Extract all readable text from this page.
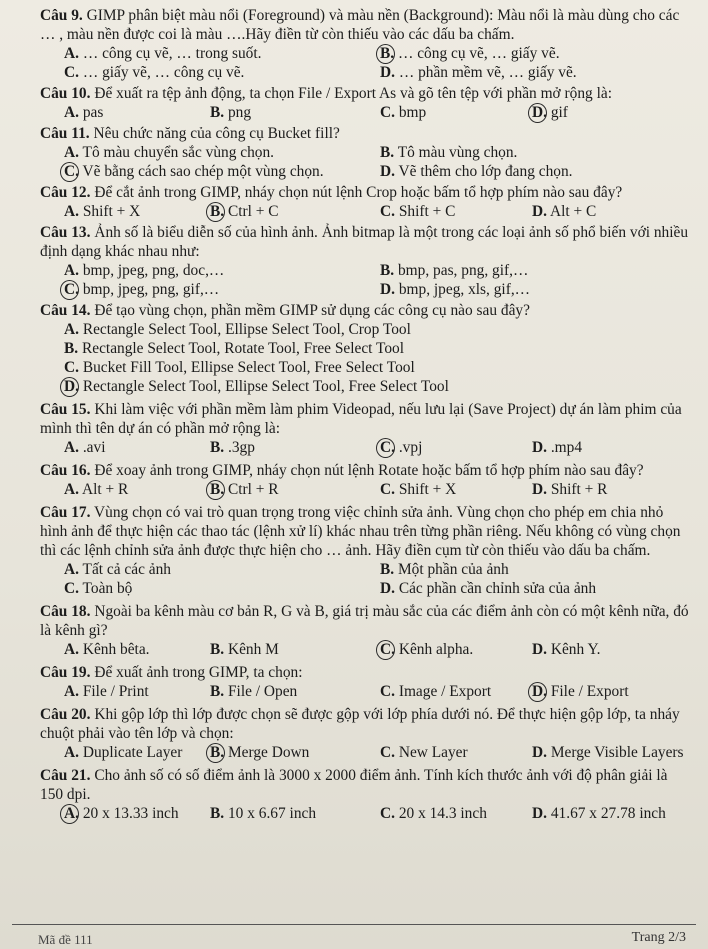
Câu 9. GIMP phân biệt màu nổi (Foreground) và màu nền (Background): Màu nổi là màu dùng cho các … , màu nền được coi là màu ….Hãy điền từ còn thiếu vào các dấu ba chấm.

A. … công cụ vẽ, … trong suốt.	B. … công cụ vẽ, … giấy vẽ.
C. … giấy vẽ, … công cụ vẽ.	D. … phần mềm vẽ, … giấy vẽ.

Câu 10. Để xuất ra tệp ảnh động, ta chọn File / Export As và gõ tên tệp với phần mở rộng là:

A. pas	B. png	C. bmp	D. gif

Câu 11. Nêu chức năng của công cụ Bucket fill?

A. Tô màu chuyển sắc vùng chọn.	B. Tô màu vùng chọn.
C. Vẽ bằng cách sao chép một vùng chọn.	D. Vẽ thêm cho lớp đang chọn.

Câu 12. Để cắt ảnh trong GIMP, nháy chọn nút lệnh Crop hoặc bấm tổ hợp phím nào sau đây?

A. Shift + X	B. Ctrl + C	C. Shift + C	D. Alt + C

Câu 13. Ảnh số là biểu diễn số của hình ảnh. Ảnh bitmap là một trong các loại ảnh số phổ biến với nhiều định dạng khác nhau như:

A. bmp, jpeg, png, doc,…	B. bmp, pas, png, gif,…
C. bmp, jpeg, png, gif,…	D. bmp, jpeg, xls, gif,…

Câu 14. Để tạo vùng chọn, phần mềm GIMP sử dụng các công cụ nào sau đây?

A. Rectangle Select Tool, Ellipse Select Tool, Crop Tool
B. Rectangle Select Tool, Rotate Tool, Free Select Tool
C. Bucket Fill Tool, Ellipse Select Tool, Free Select Tool
D. Rectangle Select Tool, Ellipse Select Tool, Free Select Tool

Câu 15. Khi làm việc với phần mềm làm phim Videopad, nếu lưu lại (Save Project) dự án làm phim của mình thì tên dự án có phần mở rộng là:

A. .avi	B. .3gp	C. .vpj	D. .mp4

Câu 16. Để xoay ảnh trong GIMP, nháy chọn nút lệnh Rotate hoặc bấm tổ hợp phím nào sau đây?

A. Alt + R	B. Ctrl + R	C. Shift + X	D. Shift + R

Câu 17. Vùng chọn có vai trò quan trọng trong việc chỉnh sửa ảnh. Vùng chọn cho phép em chia nhỏ hình ảnh để thực hiện các thao tác (lệnh xử lí) khác nhau trên từng phần riêng. Nếu không có vùng chọn thì các lệnh chỉnh sửa ảnh được thực hiện cho … ảnh. Hãy điền cụm từ còn thiếu vào dấu ba chấm.

A. Tất cả các ảnh	B. Một phần của ảnh
C. Toàn bộ	D. Các phần cần chỉnh sửa của ảnh

Câu 18. Ngoài ba kênh màu cơ bản R, G và B, giá trị màu sắc của các điểm ảnh còn có một kênh nữa, đó là kênh gì?

A. Kênh bêta.	B. Kênh M	C. Kênh alpha.	D. Kênh Y.

Câu 19. Để xuất ảnh trong GIMP, ta chọn:

A. File / Print	B. File / Open	C. Image / Export	D. File / Export

Câu 20. Khi gộp lớp thì lớp được chọn sẽ được gộp với lớp phía dưới nó. Để thực hiện gộp lớp, ta nháy chuột phải vào tên lớp và chọn:

A. Duplicate Layer B. Merge Down	C. New Layer	D. Merge Visible Layers

Câu 21. Cho ảnh số có số điểm ảnh là 3000 x 2000 điểm ảnh. Tính kích thước ảnh với độ phân giải là 150 dpi.

A. 20 x 13.33 inch B. 10 x 6.67 inch	C. 20 x 14.3 inch	D. 41.67 x 27.78 inch
Mã đề 111	Trang 2/3
